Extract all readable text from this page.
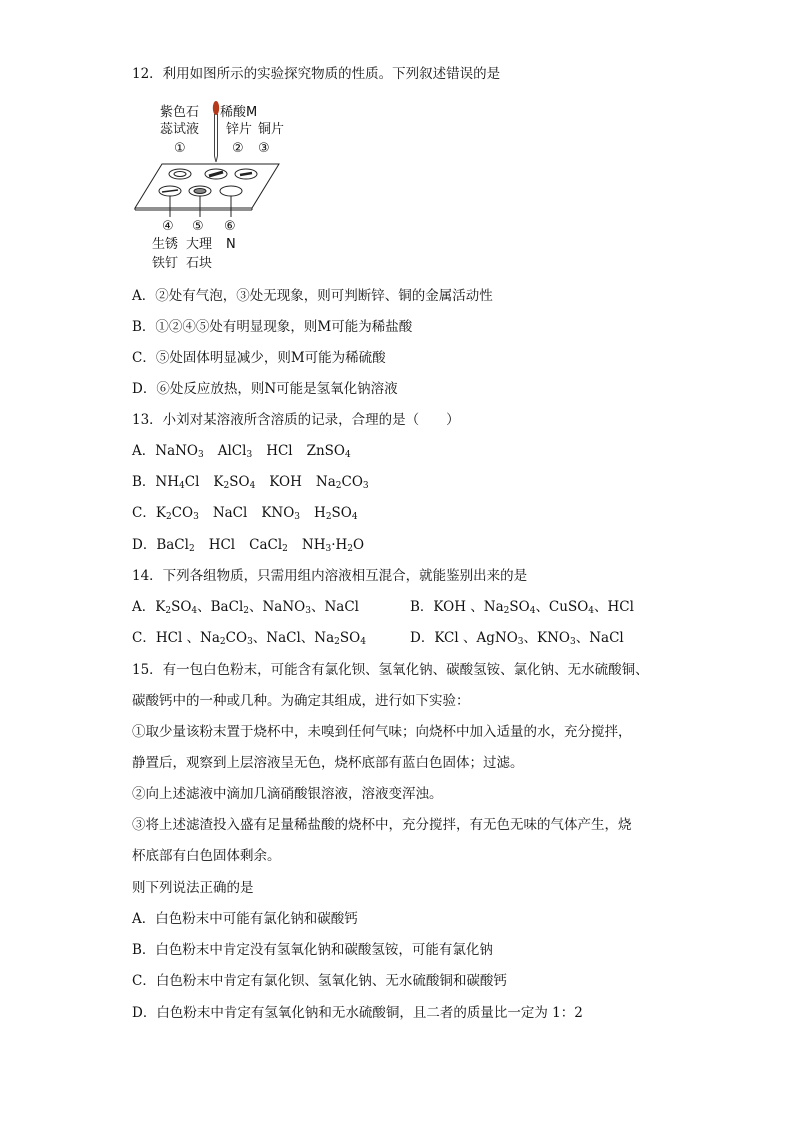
12．利用如图所示的实验探究物质的性质。下列叙述错误的是
紫色石
蕊试液
稀酸M
锌片 铜片
①	② ③
④ ⑤ ⑥
生锈
铁钉
大理
石块
N
A．②处有气泡，③处无现象，则可判断锌、铜的金属活动性
B．①②④⑤处有明显现象，则M可能为稀盐酸
C．⑤处固体明显减少，则M可能为稀硫酸
D．⑥处反应放热，则N可能是氢氧化钠溶液
13．小刘对某溶液所含溶质的记录，合理的是（　　）
A．NaNO$_3$ AlCl$_3$ HCl ZnSO$_4$
B．$NH_4Cl$ $K_2SO_4$ KOH $Na_2CO_3$
C．$K_2CO_3$ NaCl $KNO_3$ $H_2SO_4$
D．BaCl$_2$ HCl CaCl$_2$ $NH_3\cdot H_2O$
14．下列各组物质，只需用组内溶液相互混合，就能鉴别出来的是
A．$K_2SO_4$、BaCl$_2$、NaNO$_3$、NaCl	B．KOH 、$Na_2SO_4$、CuSO$_4$、HCl
C．HCl 、$Na_2CO_3$、NaCl、$Na_2SO_4$	D．KCl 、AgNO$_3$、$KNO_3$、NaCl
15．有一包白色粉末，可能含有氯化钡、氢氧化钠、碳酸氢铵、氯化钠、无水硫酸铜、
碳酸钙中的一种或几种。为确定其组成，进行如下实验：
①取少量该粉末置于烧杯中，未嗅到任何气味；向烧杯中加入适量的水，充分搅拌，
静置后，观察到上层溶液呈无色，烧杯底部有蓝白色固体；过滤。
②向上述滤液中滴加几滴硝酸银溶液，溶液变浑浊。
③将上述滤渣投入盛有足量稀盐酸的烧杯中，充分搅拌，有无色无味的气体产生，烧
杯底部有白色固体剩余。
则下列说法正确的是
A．白色粉末中可能有氯化钠和碳酸钙
B．白色粉末中肯定没有氢氧化钠和碳酸氢铵，可能有氯化钠
C．白色粉末中肯定有氯化钡、氢氧化钠、无水硫酸铜和碳酸钙
D．白色粉末中肯定有氢氧化钠和无水硫酸铜，且二者的质量比一定为 1：2
